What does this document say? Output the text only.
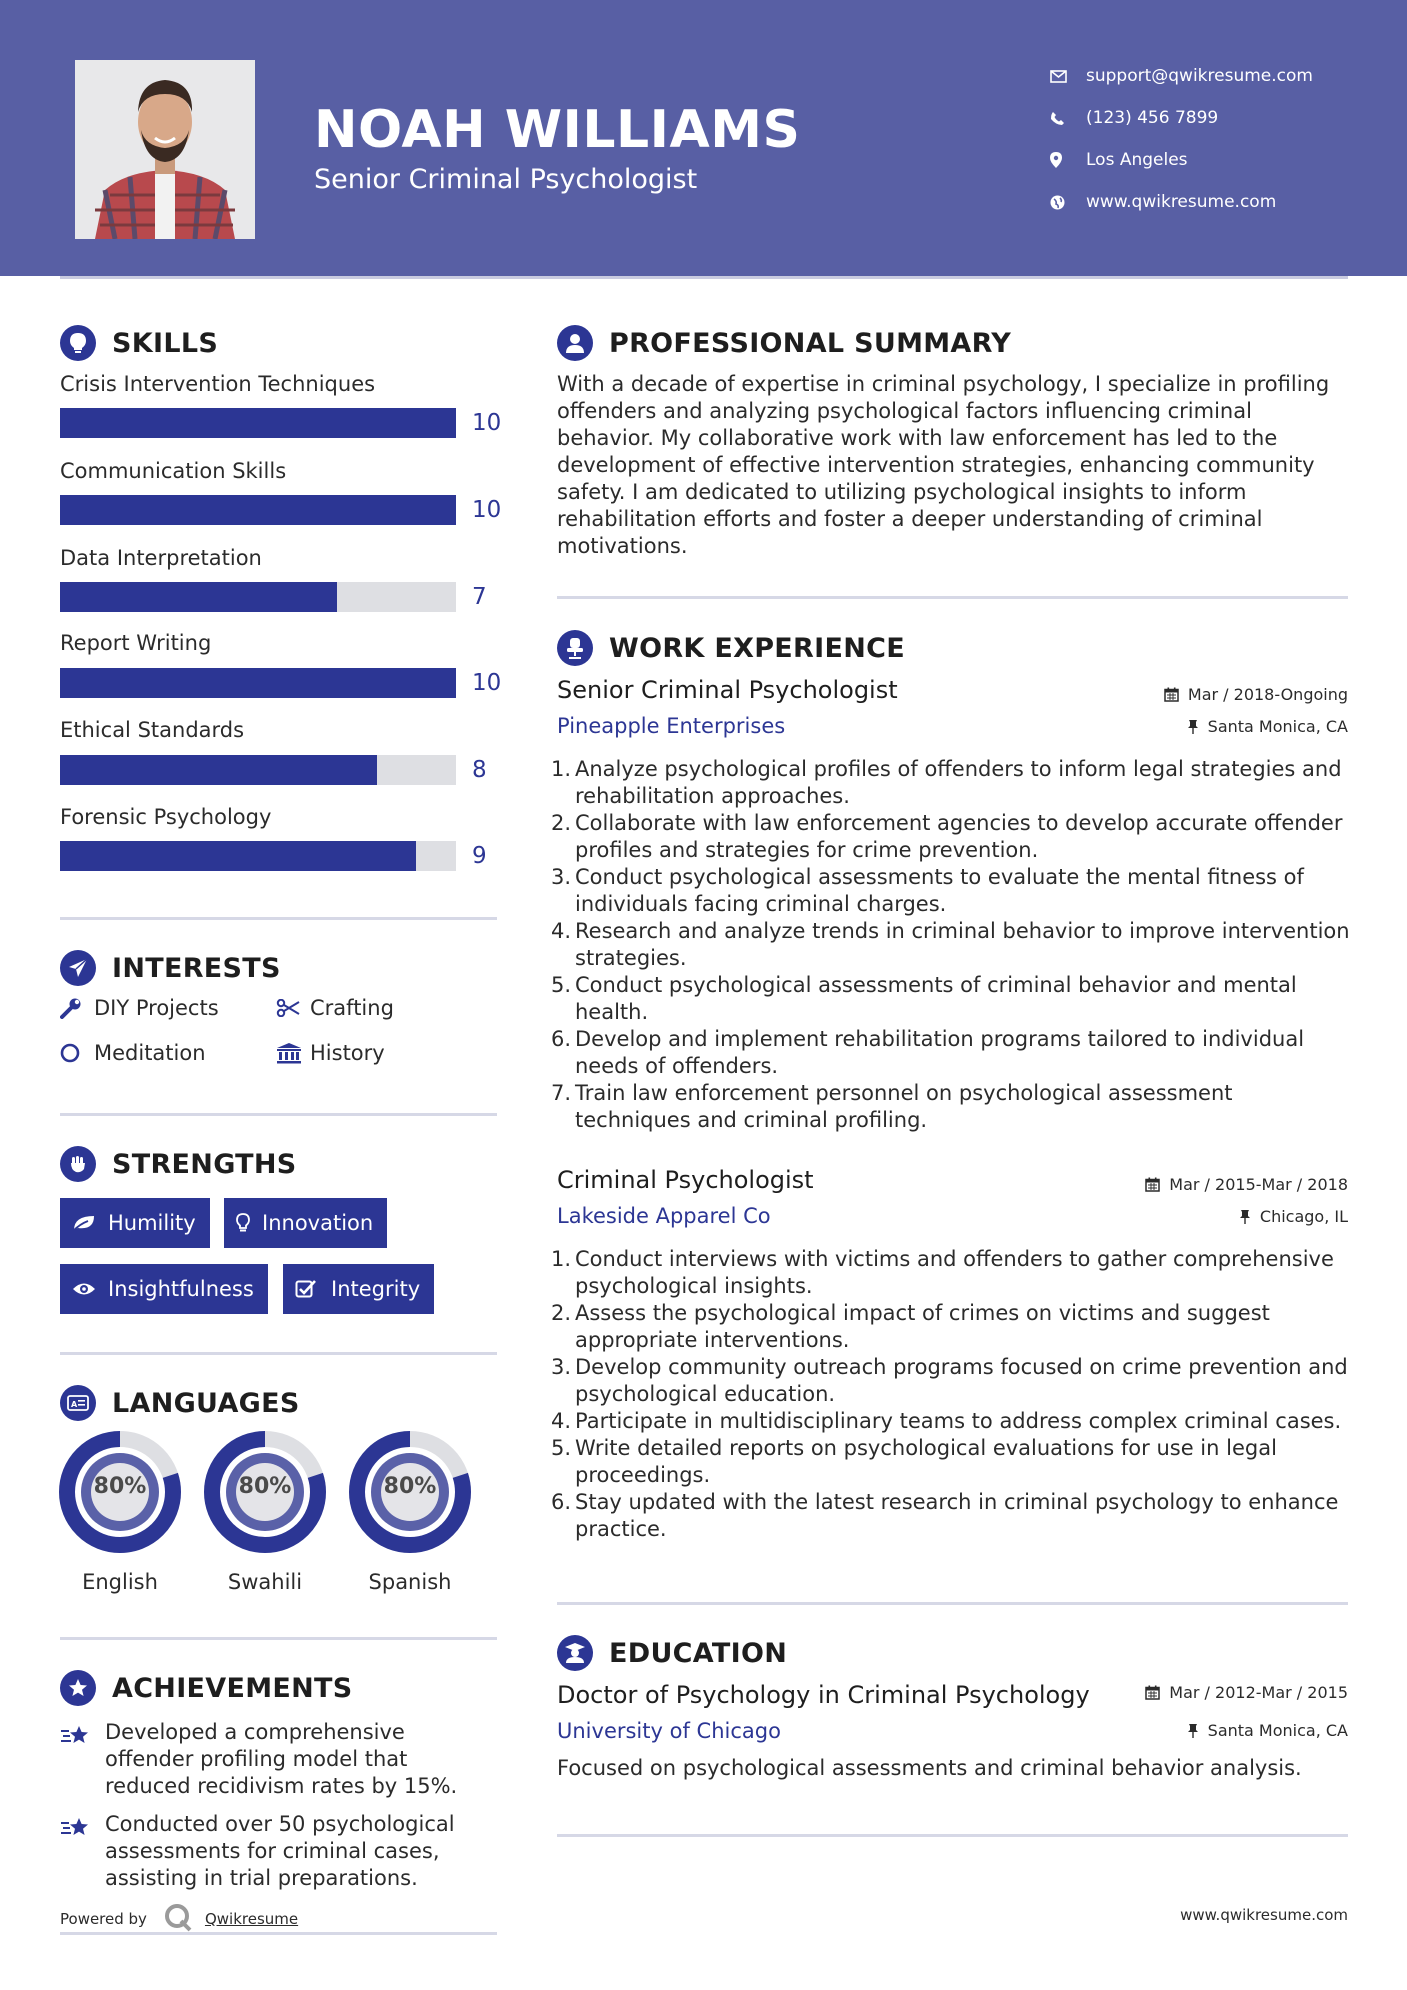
NOAH WILLIAMS
Senior Criminal Psychologist
support@qwikresume.com
(123) 456 7899
Los Angeles
www.qwikresume.com
SKILLS
Crisis Intervention Techniques
10
Communication Skills
10
Data Interpretation
7
Report Writing
10
Ethical Standards
8
Forensic Psychology
9
INTERESTS
DIY Projects	Crafting
Meditation	History
STRENGTHS
Humility	Innovation
Insightfulness	Integrity
A LANGUAGES
80%
English
80%
Swahili
80%
Spanish
ACHIEVEMENTS
Developed a comprehensive offender profiling model that reduced recidivism rates by 15%.
Conducted over 50 psychological assessments for criminal cases, assisting in trial preparations.
PROFESSIONAL SUMMARY
With a decade of expertise in criminal psychology, I specialize in profiling offenders and analyzing psychological factors influencing criminal behavior. My collaborative work with law enforcement has led to the development of effective intervention strategies, enhancing community safety. I am dedicated to utilizing psychological insights to inform rehabilitation efforts and foster a deeper understanding of criminal motivations.
WORK EXPERIENCE
Senior Criminal Psychologist	Mar / 2018-Ongoing
Pineapple Enterprises	Santa Monica, CA
1. Analyze psychological profiles of offenders to inform legal strategies and rehabilitation approaches.
2. Collaborate with law enforcement agencies to develop accurate offender profiles and strategies for crime prevention.
3. Conduct psychological assessments to evaluate the mental fitness of individuals facing criminal charges.
4. Research and analyze trends in criminal behavior to improve intervention strategies.
5. Conduct psychological assessments of criminal behavior and mental health.
6. Develop and implement rehabilitation programs tailored to individual needs of offenders.
7. Train law enforcement personnel on psychological assessment techniques and criminal profiling.
Criminal Psychologist	Mar / 2015-Mar / 2018
Lakeside Apparel Co	Chicago, IL
1. Conduct interviews with victims and offenders to gather comprehensive psychological insights.
2. Assess the psychological impact of crimes on victims and suggest appropriate interventions.
3. Develop community outreach programs focused on crime prevention and psychological education.
4. Participate in multidisciplinary teams to address complex criminal cases.
5. Write detailed reports on psychological evaluations for use in legal proceedings.
6. Stay updated with the latest research in criminal psychology to enhance practice.
EDUCATION
Doctor of Psychology in Criminal Psychology	Mar / 2012-Mar / 2015
University of Chicago	Santa Monica, CA
Focused on psychological assessments and criminal behavior analysis.
Powered by	Qwikresume	www.qwikresume.com
